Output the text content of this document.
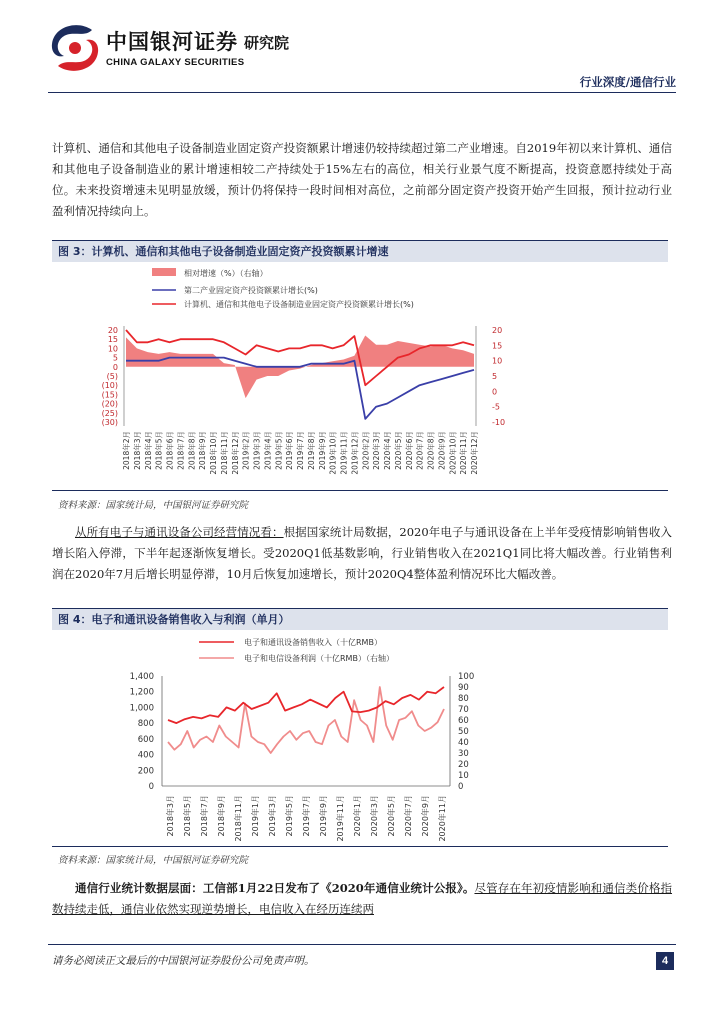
中国银河证券
CHINA GALAXY SECURITIES
研究院
行业深度/通信行业
计算机、通信和其他电子设备制造业固定资产投资额累计增速仍较持续超过第二产业增速。自2019年初以来计算机、通信和其他电子设备制造业的累计增速相较二产持续处于15%左右的高位，相关行业景气度不断提高，投资意愿持续处于高位。未来投资增速未见明显放缓，预计仍将保持一段时间相对高位，之前部分固定资产投资开始产生回报，预计拉动行业盈利情况持续向上。
图 3：计算机、通信和其他电子设备制造业固定资产投资额累计增速
相对增速（%）（右轴）
第二产业固定资产投资额累计增长(%)
计算机、通信和其他电子设备制造业固定资产投资额累计增长(%)
20
15
10
5
0
(5)
(10)
(15)
(20)
(25)
(30)
20
15
10
5
0
-5
-10
2018年2月 2018年3月 2018年4月 2018年5月 2018年6月 2018年7月 2018年8月 2018年9月 2018年10月 2018年11月 2018年12月 2019年2月 2019年3月 2019年4月 2019年5月 2019年6月 2019年7月 2019年8月 2019年9月 2019年10月 2019年11月 2019年12月 2020年2月 2020年3月 2020年4月 2020年5月 2020年6月 2020年7月 2020年8月 2020年9月 2020年10月 2020年11月 2020年12月
资料来源：国家统计局，中国银河证券研究院
从所有电子与通讯设备公司经营情况看：根据国家统计局数据，2020年电子与通讯设备在上半年受疫情影响销售收入增长陷入停滞，下半年起逐渐恢复增长。受2020Q1低基数影响，行业销售收入在2021Q1同比将大幅改善。行业销售利润在2020年7月后增长明显停滞，10月后恢复加速增长，预计2020Q4整体盈利情况环比大幅改善。
图 4：电子和通讯设备销售收入与利润（单月）
电子和通讯设备销售收入（十亿RMB）
电子和电信设备利润（十亿RMB）（右轴）
1,400
1,200
1,000
800
600
400
200
0
100
90
80
70
60
50
40
30
20
10
0
2018年3月 2018年5月 2018年7月 2018年9月 2018年11月 2019年1月 2019年3月 2019年5月 2019年7月 2019年9月 2019年11月 2020年1月 2020年3月 2020年5月 2020年7月 2020年9月 2020年11月
资料来源：国家统计局，中国银河证券研究院
通信行业统计数据层面：工信部1月22日发布了《2020年通信业统计公报》。尽管存在年初疫情影响和通信类价格指数持续走低，通信业依然实现逆势增长，电信收入在经历连续两
请务必阅读正文最后的中国银河证券股份公司免责声明。	4
